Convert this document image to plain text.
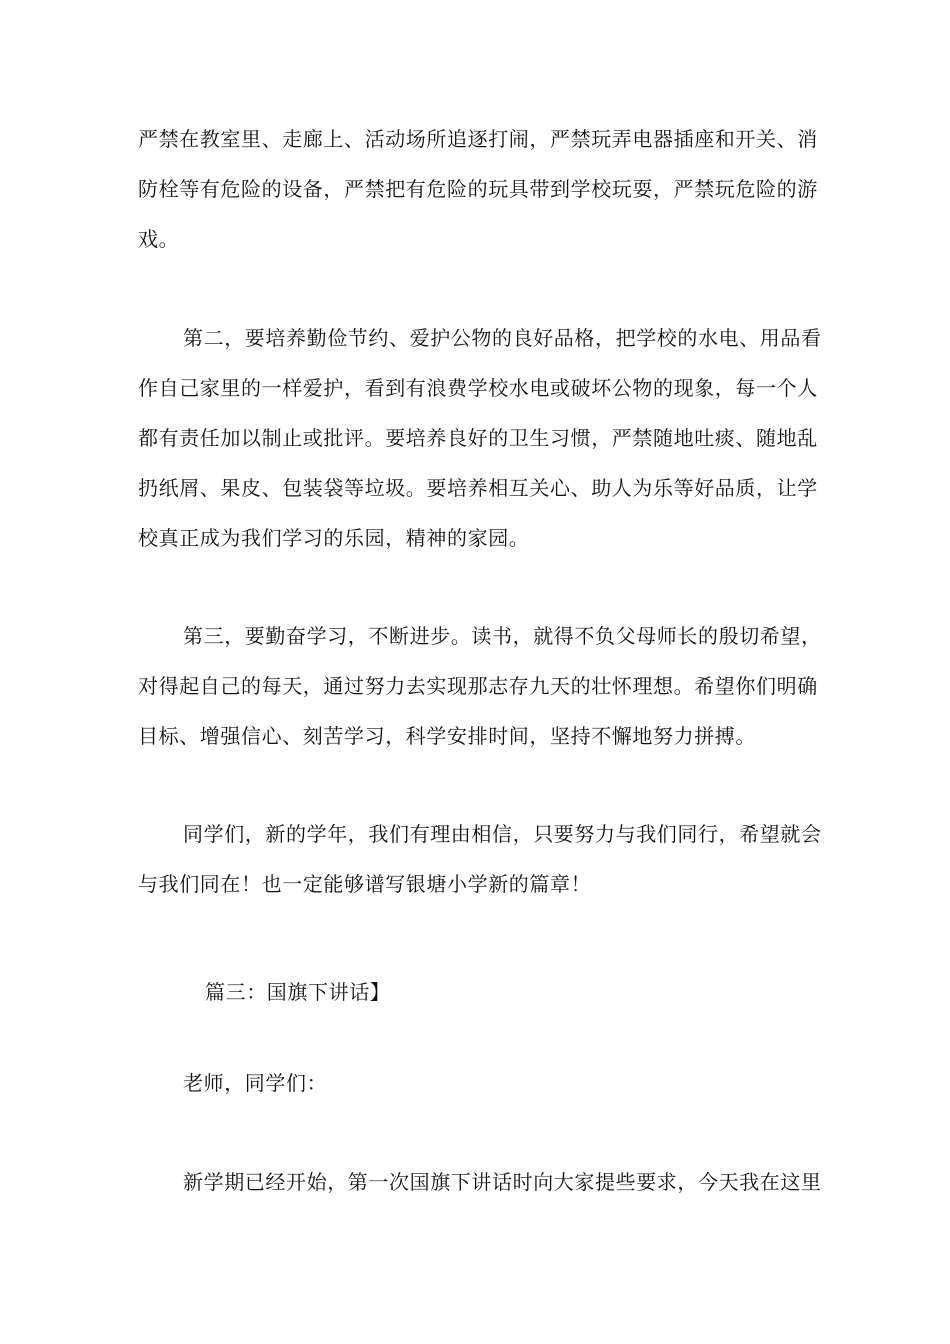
严禁在教室里、走廊上、活动场所追逐打闹，严禁玩弄电器插座和开关、消
防栓等有危险的设备，严禁把有危险的玩具带到学校玩耍，严禁玩危险的游
戏。
第二，要培养勤俭节约、爱护公物的良好品格，把学校的水电、用品看
作自己家里的一样爱护，看到有浪费学校水电或破坏公物的现象，每一个人
都有责任加以制止或批评。要培养良好的卫生习惯，严禁随地吐痰、随地乱
扔纸屑、果皮、包装袋等垃圾。要培养相互关心、助人为乐等好品质，让学
校真正成为我们学习的乐园，精神的家园。
第三，要勤奋学习，不断进步。读书，就得不负父母师长的殷切希望，
对得起自己的每天，通过努力去实现那志存九天的壮怀理想。希望你们明确
目标、增强信心、刻苦学习，科学安排时间，坚持不懈地努力拼搏。
同学们，新的学年，我们有理由相信，只要努力与我们同行，希望就会
与我们同在！也一定能够谱写银塘小学新的篇章！
篇三：国旗下讲话】
老师，同学们：
新学期已经开始，第一次国旗下讲话时向大家提些要求，今天我在这里
